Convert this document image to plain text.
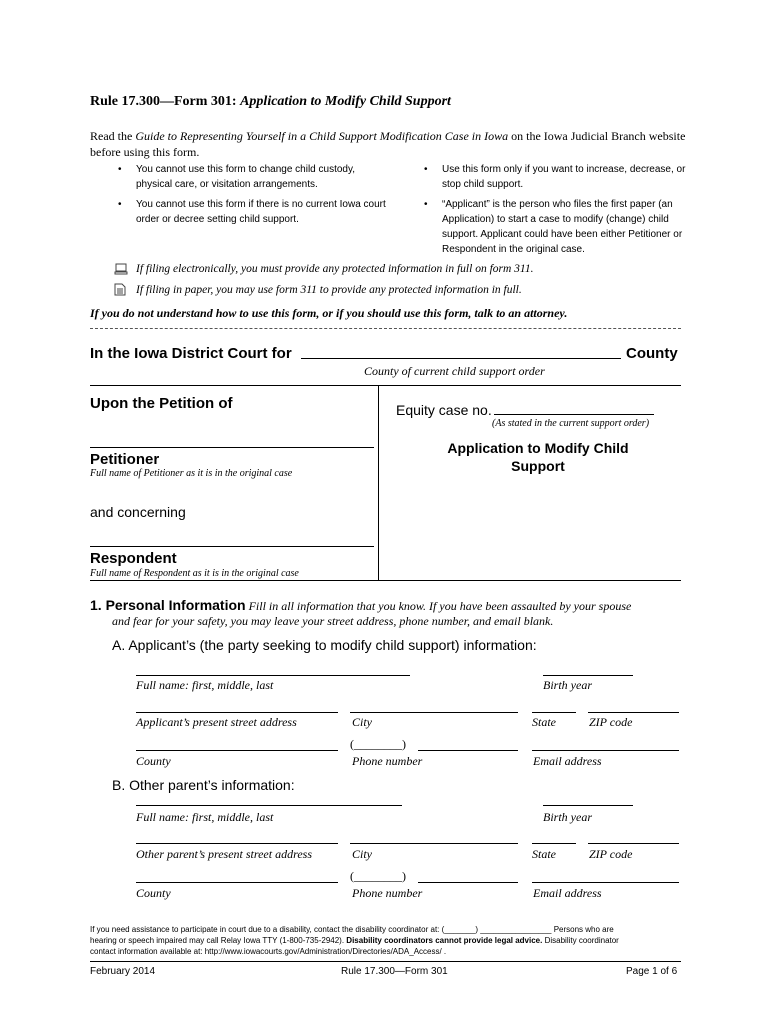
Rule 17.300—Form 301: Application to Modify Child Support
Read the Guide to Representing Yourself in a Child Support Modification Case in Iowa on the Iowa Judicial Branch website
before using this form.
• You cannot use this form to change child custody,
physical care, or visitation arrangements.
• You cannot use this form if there is no current Iowa court
order or decree setting child support.
• Use this form only if you want to increase, decrease, or
stop child support.
• “Applicant” is the person who files the first paper (an
Application) to start a case to modify (change) child
support. Applicant could have been either Petitioner or
Respondent in the original case.
If filing electronically, you must provide any protected information in full on form 311.
If filing in paper, you may use form 311 to provide any protected information in full.
If you do not understand how to use this form, or if you should use this form, talk to an attorney.
In the Iowa District Court for	County
County of current child support order
Upon the Petition of
Petitioner
Full name of Petitioner as it is in the original case
and concerning
Respondent
Full name of Respondent as it is in the original case
Equity case no.
(As stated in the current support order)
Application to Modify Child
Support
1. Personal Information Fill in all information that you know. If you have been assaulted by your spouse
and fear for your safety, you may leave your street address, phone number, and email blank.
A. Applicant’s (the party seeking to modify child support) information:
Full name: first, middle, last	Birth year
Applicant’s present street address	City	State	ZIP code
(________)
County	Phone number	Email address
B. Other parent’s information:
Full name: first, middle, last	Birth year
Other parent’s present street address	City	State	ZIP code
(________)
County	Phone number	Email address
If you need assistance to participate in court due to a disability, contact the disability coordinator at: (_______) ________________ Persons who are
hearing or speech impaired may call Relay Iowa TTY (1-800-735-2942). Disability coordinators cannot provide legal advice. Disability coordinator
contact information available at: http://www.iowacourts.gov/Administration/Directories/ADA_Access/ .
February 2014	Rule 17.300—Form 301	Page 1 of 6
